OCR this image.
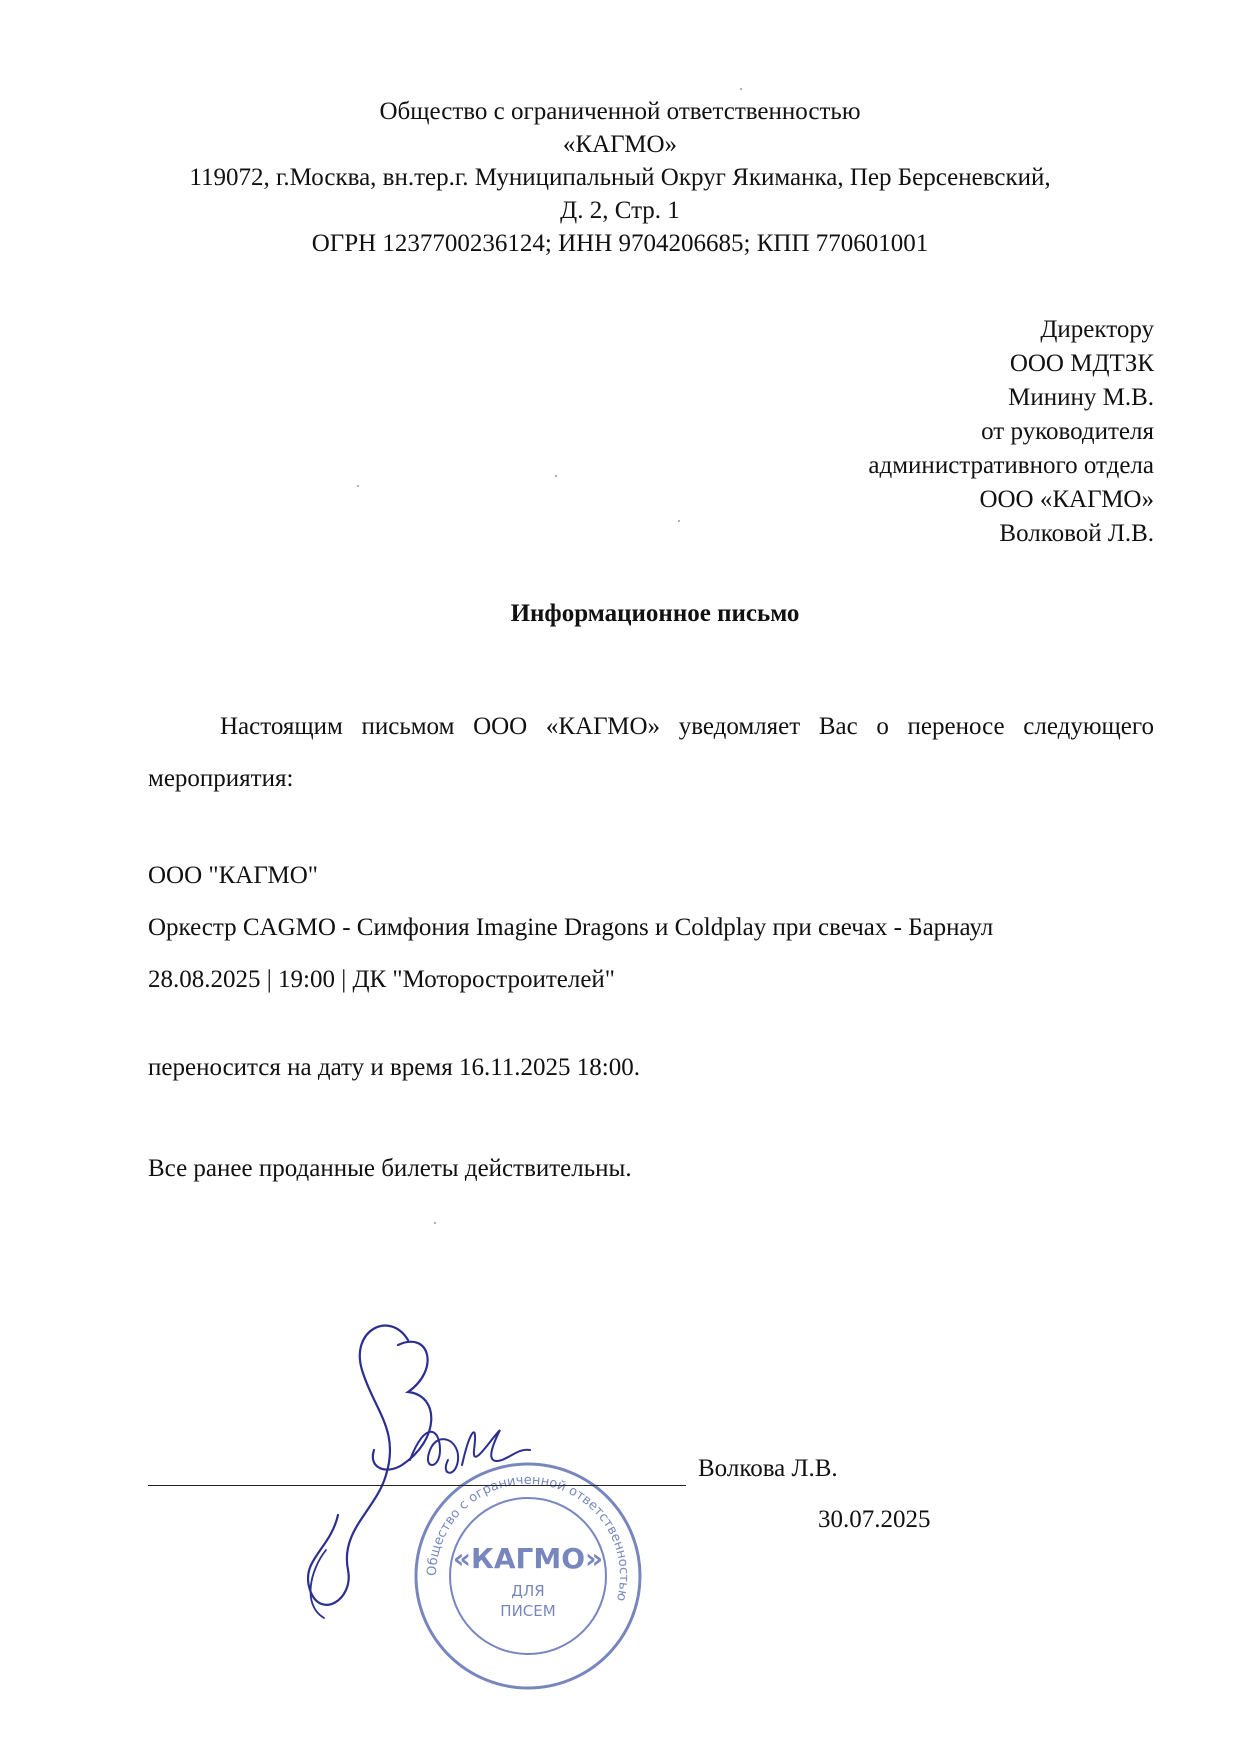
Общество с ограниченной ответственностью
«КАГМО»
119072, г.Москва, вн.тер.г. Муниципальный Округ Якиманка, Пер Берсеневский,
Д. 2, Стр. 1
ОГРН 1237700236124; ИНН 9704206685; КПП 770601001
Директору
ООО МДТЗК
Минину М.В.
от руководителя
административного отдела
ООО «КАГМО»
Волковой Л.В.
Информационное письмо
Настоящим письмом ООО «КАГМО» уведомляет Вас о переносе следующего мероприятия:
ООО "КАГМО"
Оркестр CAGMO - Симфония Imagine Dragons и Coldplay при свечах - Барнаул
28.08.2025 | 19:00 | ДК "Моторостроителей"
переносится на дату и время 16.11.2025 18:00.
Все ранее проданные билеты действительны.
Общество с ограниченной ответственностью
«КАГМО»
ДЛЯ
ПИСЕМ
Волкова Л.В.
30.07.2025
